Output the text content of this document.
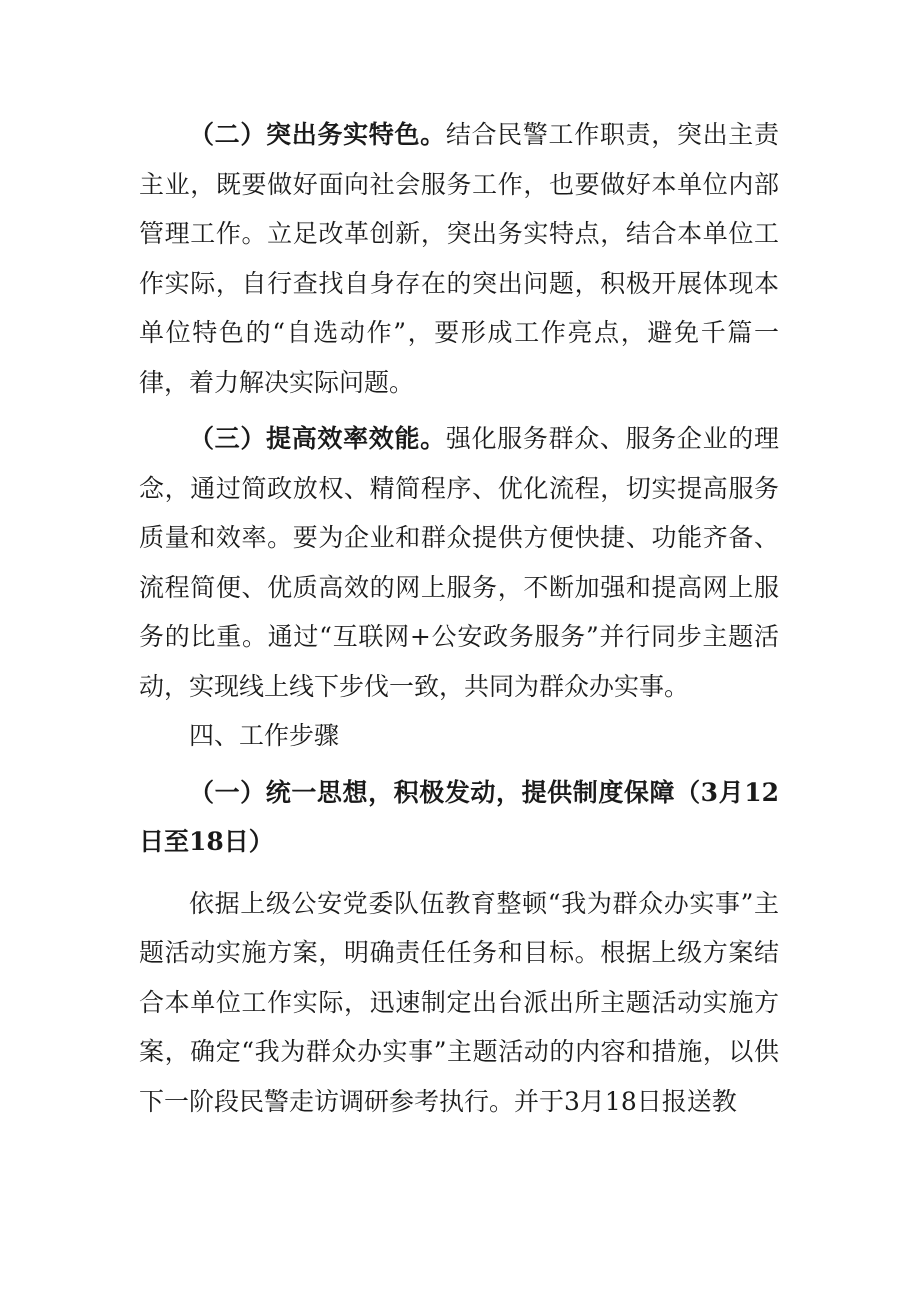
（二）突出务实特色。结合民警工作职责，突出主责主业，既要做好面向社会服务工作，也要做好本单位内部管理工作。立足改革创新，突出务实特点，结合本单位工作实际，自行查找自身存在的突出问题，积极开展体现本单位特色的“自选动作”，要形成工作亮点，避免千篇一律，着力解决实际问题。

（三）提高效率效能。强化服务群众、服务企业的理念，通过简政放权、精简程序、优化流程，切实提高服务质量和效率。要为企业和群众提供方便快捷、功能齐备、流程简便、优质高效的网上服务，不断加强和提高网上服务的比重。通过“互联网+公安政务服务”并行同步主题活动，实现线上线下步伐一致，共同为群众办实事。

四、工作步骤

（一）统一思想，积极发动，提供制度保障（3月12日至18日）

依据上级公安党委队伍教育整顿“我为群众办实事”主题活动实施方案，明确责任任务和目标。根据上级方案结合本单位工作实际，迅速制定出台派出所主题活动实施方案，确定“我为群众办实事”主题活动的内容和措施，以供下一阶段民警走访调研参考执行。并于3月18日报送教
